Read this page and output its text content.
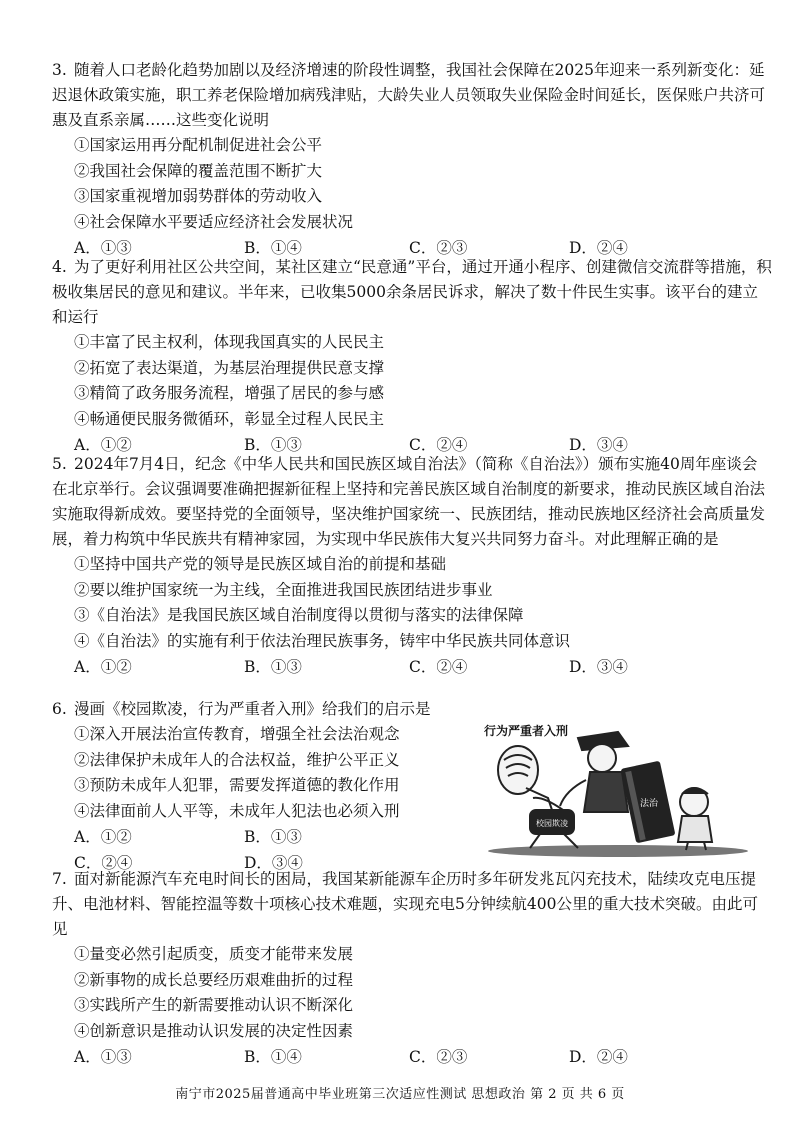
3. 随着人口老龄化趋势加剧以及经济增速的阶段性调整，我国社会保障在2025年迎来一系列新变化：延迟退休政策实施，职工养老保险增加病残津贴，大龄失业人员领取失业保险金时间延长，医保账户共济可惠及直系亲属……这些变化说明

①国家运用再分配机制促进社会公平

②我国社会保障的覆盖范围不断扩大

③国家重视增加弱势群体的劳动收入

④社会保障水平要适应经济社会发展状况

A．①③	B．①④	C．②③	D．②④

4. 为了更好利用社区公共空间，某社区建立“民意通”平台，通过开通小程序、创建微信交流群等措施，积极收集居民的意见和建议。半年来，已收集5000余条居民诉求，解决了数十件民生实事。该平台的建立和运行

①丰富了民主权利，体现我国真实的人民民主

②拓宽了表达渠道，为基层治理提供民意支撑

③精简了政务服务流程，增强了居民的参与感

④畅通便民服务微循环，彰显全过程人民民主

A．①②	B．①③	C．②④	D．③④

5. 2024年7月4日，纪念《中华人民共和国民族区域自治法》（简称《自治法》）颁布实施40周年座谈会在北京举行。会议强调要准确把握新征程上坚持和完善民族区域自治制度的新要求，推动民族区域自治法实施取得新成效。要坚持党的全面领导，坚决维护国家统一、民族团结，推动民族地区经济社会高质量发展，着力构筑中华民族共有精神家园，为实现中华民族伟大复兴共同努力奋斗。对此理解正确的是

①坚持中国共产党的领导是民族区域自治的前提和基础

②要以维护国家统一为主线，全面推进我国民族团结进步事业

③《自治法》是我国民族区域自治制度得以贯彻与落实的法律保障

④《自治法》的实施有利于依法治理民族事务，铸牢中华民族共同体意识

A．①②	B．①③	C．②④	D．③④

6. 漫画《校园欺凌，行为严重者入刑》给我们的启示是

①深入开展法治宣传教育，增强全社会法治观念

②法律保护未成年人的合法权益，维护公平正义

③预防未成年人犯罪，需要发挥道德的教化作用

④法律面前人人平等，未成年人犯法也必须入刑

A．①②	B．①③
C．②④	D．③④
行为严重者入刑
校园欺凌
法治

7. 面对新能源汽车充电时间长的困局，我国某新能源车企历时多年研发兆瓦闪充技术，陆续攻克电压提升、电池材料、智能控温等数十项核心技术难题，实现充电5分钟续航400公里的重大技术突破。由此可见

①量变必然引起质变，质变才能带来发展

②新事物的成长总要经历艰难曲折的过程

③实践所产生的新需要推动认识不断深化

④创新意识是推动认识发展的决定性因素

A．①③	B．①④	C．②③	D．②④
南宁市2025届普通高中毕业班第三次适应性测试 思想政治 第 2 页 共 6 页
